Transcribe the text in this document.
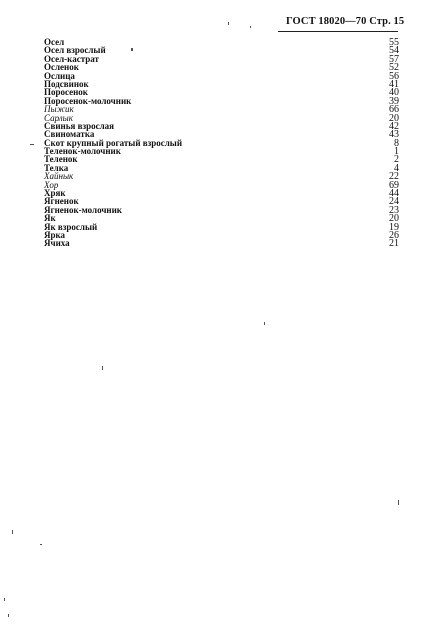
ГОСТ 18020—70 Стр. 15
Осел	55
Осел взрослый	54
Осел-кастрат	57
Осленок	52
Ослица	56
Подсвинок	41
Поросенок	40
Поросенок-молочник	39
Пыжик	66
Сарлык	20
Свинья взрослая	42
Свиноматка	43
Скот крупный рогатый взрослый	8
Теленок-молочник	1
Теленок	2
Телка	4
Хайнык	22
Хор	69
Хряк	44
Ягненок	24
Ягненок-молочник	23
Як	20
Як взрослый	19
Ярка	26
Ячиха	21
